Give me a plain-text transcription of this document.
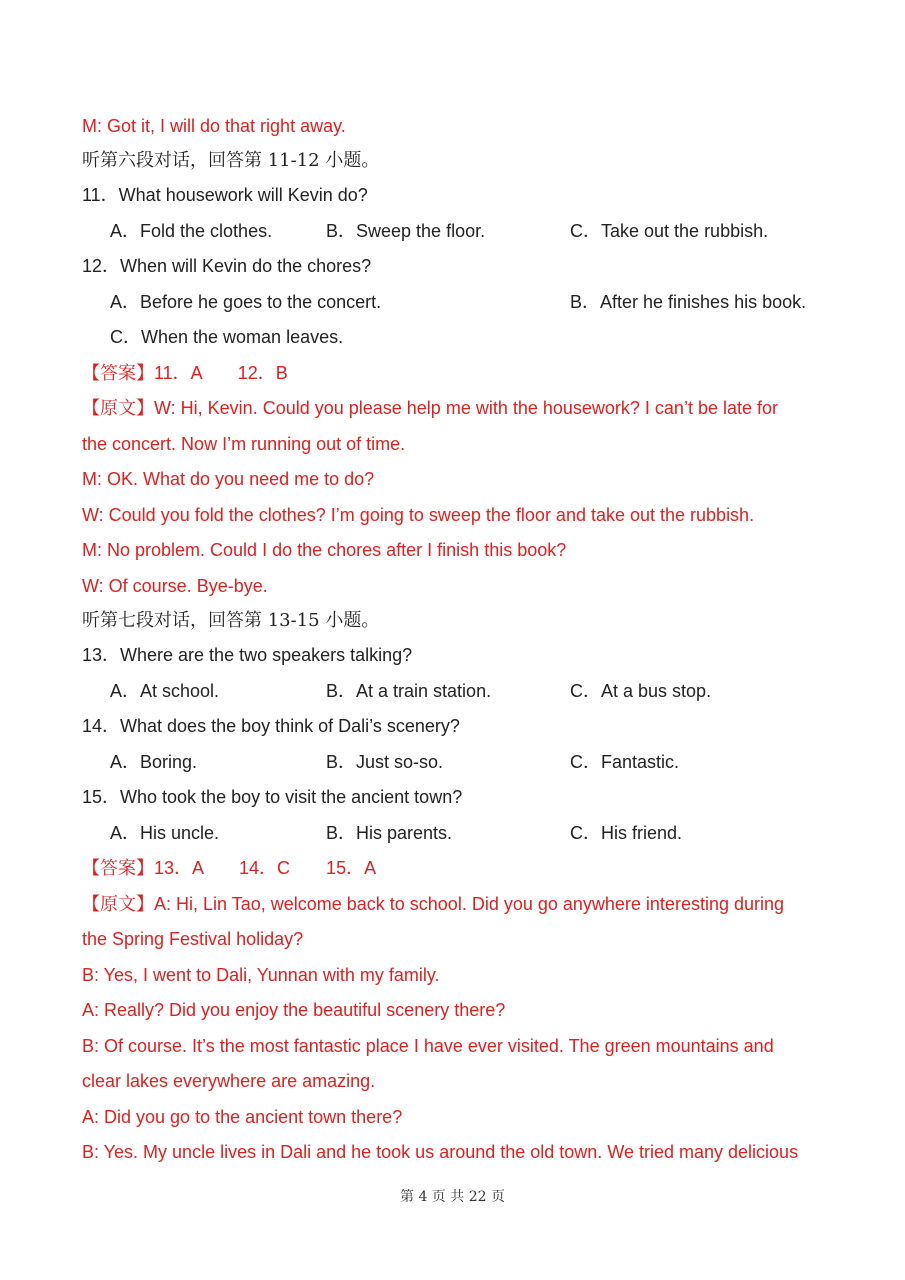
M: Got it, I will do that right away.
听第六段对话，回答第 11-12 小题。
11．What housework will Kevin do?
A．Fold the clothes.	B．Sweep the floor.	C．Take out the rubbish.
12．When will Kevin do the chores?
A．Before he goes to the concert.	B．After he finishes his book.
C．When the woman leaves.
【答案】11．A　　12．B
【原文】W: Hi, Kevin. Could you please help me with the housework? I can’t be late for
the concert. Now I’m running out of time.
M: OK. What do you need me to do?
W: Could you fold the clothes? I’m going to sweep the floor and take out the rubbish.
M: No problem. Could I do the chores after I finish this book?
W: Of course. Bye-bye.
听第七段对话，回答第 13-15 小题。
13．Where are the two speakers talking?
A．At school.	B．At a train station.	C．At a bus stop.
14．What does the boy think of Dali’s scenery?
A．Boring.	B．Just so-so.	C．Fantastic.
15．Who took the boy to visit the ancient town?
A．His uncle.	B．His parents.	C．His friend.
【答案】13．A　　14．C　　15．A
【原文】A: Hi, Lin Tao, welcome back to school. Did you go anywhere interesting during
the Spring Festival holiday?
B: Yes, I went to Dali, Yunnan with my family.
A: Really? Did you enjoy the beautiful scenery there?
B: Of course. It’s the most fantastic place I have ever visited. The green mountains and
clear lakes everywhere are amazing.
A: Did you go to the ancient town there?
B: Yes. My uncle lives in Dali and he took us around the old town. We tried many delicious
第 4 页 共 22 页
